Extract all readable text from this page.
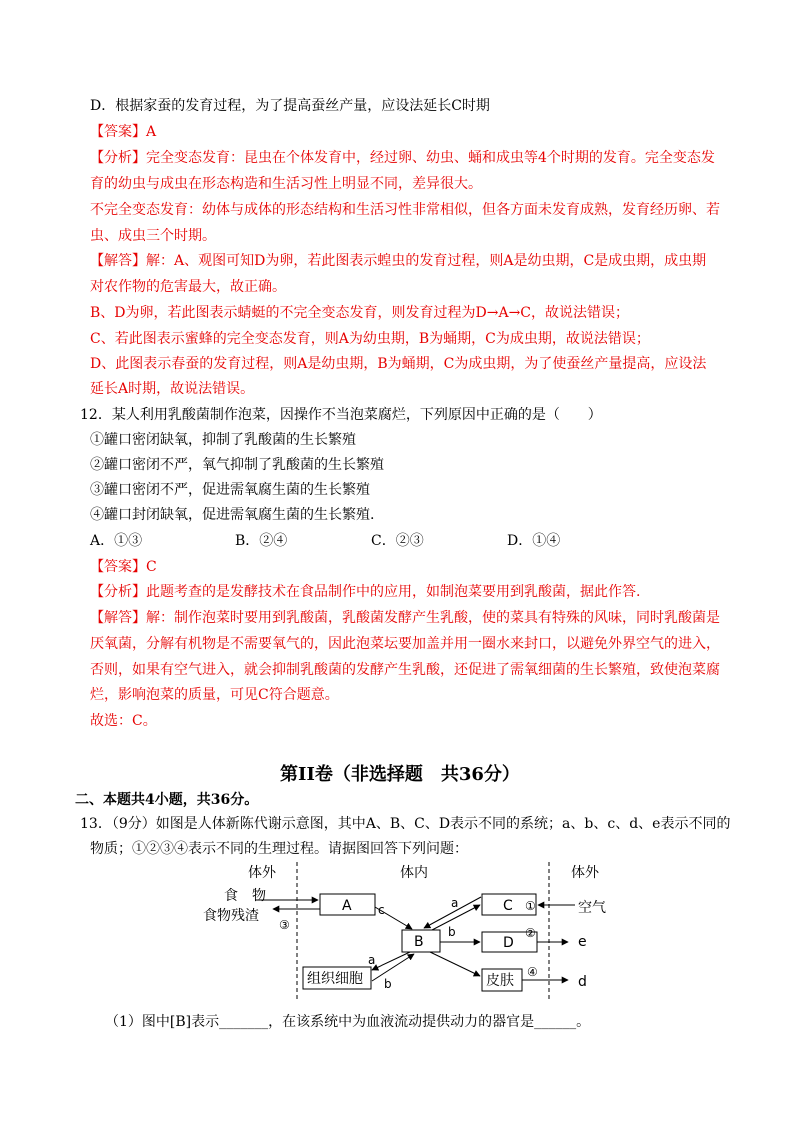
D．根据家蚕的发育过程，为了提高蚕丝产量，应设法延长C时期

【答案】A

【分析】完全变态发育：昆虫在个体发育中，经过卵、幼虫、蛹和成虫等4个时期的发育。完全变态发

育的幼虫与成虫在形态构造和生活习性上明显不同，差异很大。

不完全变态发育：幼体与成体的形态结构和生活习性非常相似，但各方面未发育成熟，发育经历卵、若

虫、成虫三个时期。

【解答】解：A、观图可知D为卵，若此图表示蝗虫的发育过程，则A是幼虫期，C是成虫期，成虫期

对农作物的危害最大，故正确。

B、D为卵，若此图表示蜻蜓的不完全变态发育，则发育过程为D→A→C，故说法错误；

C、若此图表示蜜蜂的完全变态发育，则A为幼虫期，B为蛹期，C为成虫期，故说法错误；

D、此图表示春蚕的发育过程，则A是幼虫期，B为蛹期，C为成虫期，为了使蚕丝产量提高，应设法

延长A时期，故说法错误。

12．某人利用乳酸菌制作泡菜，因操作不当泡菜腐烂，下列原因中正确的是（　　）

①罐口密闭缺氧，抑制了乳酸菌的生长繁殖

②罐口密闭不严，氧气抑制了乳酸菌的生长繁殖

③罐口密闭不严，促进需氧腐生菌的生长繁殖

④罐口封闭缺氧，促进需氧腐生菌的生长繁殖.

A．①③	B．②④	C．②③	D．①④

【答案】C

【分析】此题考查的是发酵技术在食品制作中的应用，如制泡菜要用到乳酸菌，据此作答.

【解答】解：制作泡菜时要用到乳酸菌，乳酸菌发酵产生乳酸，使的菜具有特殊的风味，同时乳酸菌是

厌氧菌，分解有机物是不需要氧气的，因此泡菜坛要加盖并用一圈水来封口，以避免外界空气的进入，

否则，如果有空气进入，就会抑制乳酸菌的发酵产生乳酸，还促进了需氧细菌的生长繁殖，致使泡菜腐

烂，影响泡菜的质量，可见C符合题意。

故选：C。

第II卷（非选择题　共36分）

二、本题共4小题，共36分。

13．（9分）如图是人体新陈代谢示意图，其中A、B、C、D表示不同的系统；a、b、c、d、e表示不同的

物质；①②③④表示不同的生理过程。请据图回答下列问题：

体外	体内	体外
食　物
食物残渣
A
B
C
D
组织细胞	皮肤
③
c	a
b
①	空气
②
e
a
b
④
d

（1）图中[B]表示_______，在该系统中为血液流动提供动力的器官是______。
